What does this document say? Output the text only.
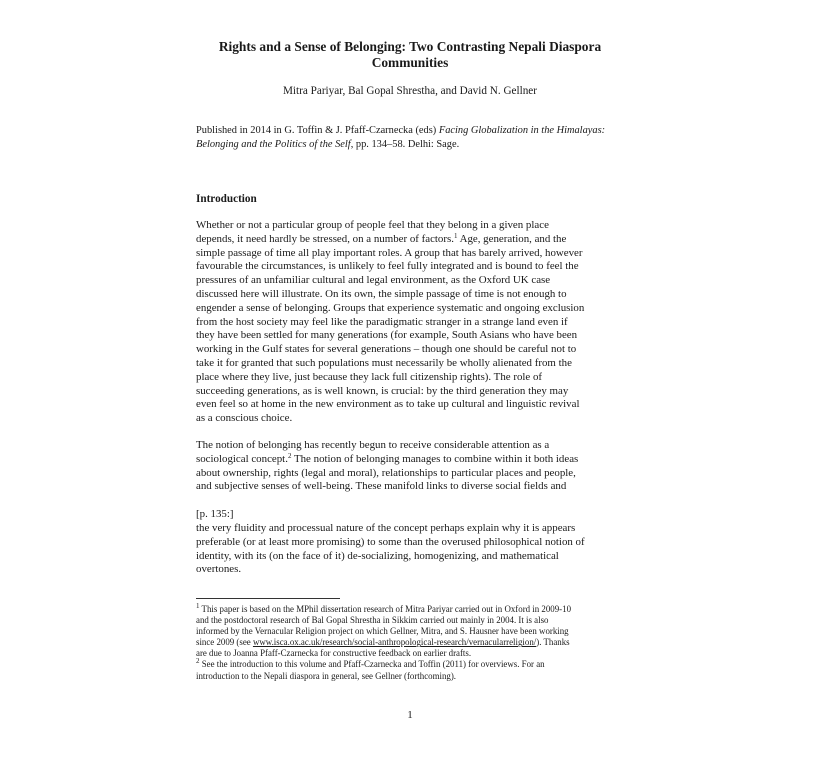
Rights and a Sense of Belonging: Two Contrasting Nepali Diaspora
Communities
Mitra Pariyar, Bal Gopal Shrestha, and David N. Gellner
Published in 2014 in G. Toffin & J. Pfaff-Czarnecka (eds) Facing Globalization in the Himalayas:
Belonging and the Politics of the Self, pp. 134–58. Delhi: Sage.
Introduction
Whether or not a particular group of people feel that they belong in a given place
depends, it need hardly be stressed, on a number of factors.$^1$ Age, generation, and the
simple passage of time all play important roles. A group that has barely arrived, however
favourable the circumstances, is unlikely to feel fully integrated and is bound to feel the
pressures of an unfamiliar cultural and legal environment, as the Oxford UK case
discussed here will illustrate. On its own, the simple passage of time is not enough to
engender a sense of belonging. Groups that experience systematic and ongoing exclusion
from the host society may feel like the paradigmatic stranger in a strange land even if
they have been settled for many generations (for example, South Asians who have been
working in the Gulf states for several generations – though one should be careful not to
take it for granted that such populations must necessarily be wholly alienated from the
place where they live, just because they lack full citizenship rights). The role of
succeeding generations, as is well known, is crucial: by the third generation they may
even feel so at home in the new environment as to take up cultural and linguistic revival
as a conscious choice.
The notion of belonging has recently begun to receive considerable attention as a
sociological concept.$^2$ The notion of belonging manages to combine within it both ideas
about ownership, rights (legal and moral), relationships to particular places and people,
and subjective senses of well-being. These manifold links to diverse social fields and
[p. 135:]
the very fluidity and processual nature of the concept perhaps explain why it is appears
preferable (or at least more promising) to some than the overused philosophical notion of
identity, with its (on the face of it) de-socializing, homogenizing, and mathematical
overtones.
$^1$ This paper is based on the MPhil dissertation research of Mitra Pariyar carried out in Oxford in 2009-10
and the postdoctoral research of Bal Gopal Shrestha in Sikkim carried out mainly in 2004. It is also
informed by the Vernacular Religion project on which Gellner, Mitra, and S. Hausner have been working
since 2009 (see www.isca.ox.ac.uk/research/social-anthropological-research/vernacularreligion/). Thanks
are due to Joanna Pfaff-Czarnecka for constructive feedback on earlier drafts.
$^2$ See the introduction to this volume and Pfaff-Czarnecka and Toffin (2011) for overviews. For an
introduction to the Nepali diaspora in general, see Gellner (forthcoming).
1
